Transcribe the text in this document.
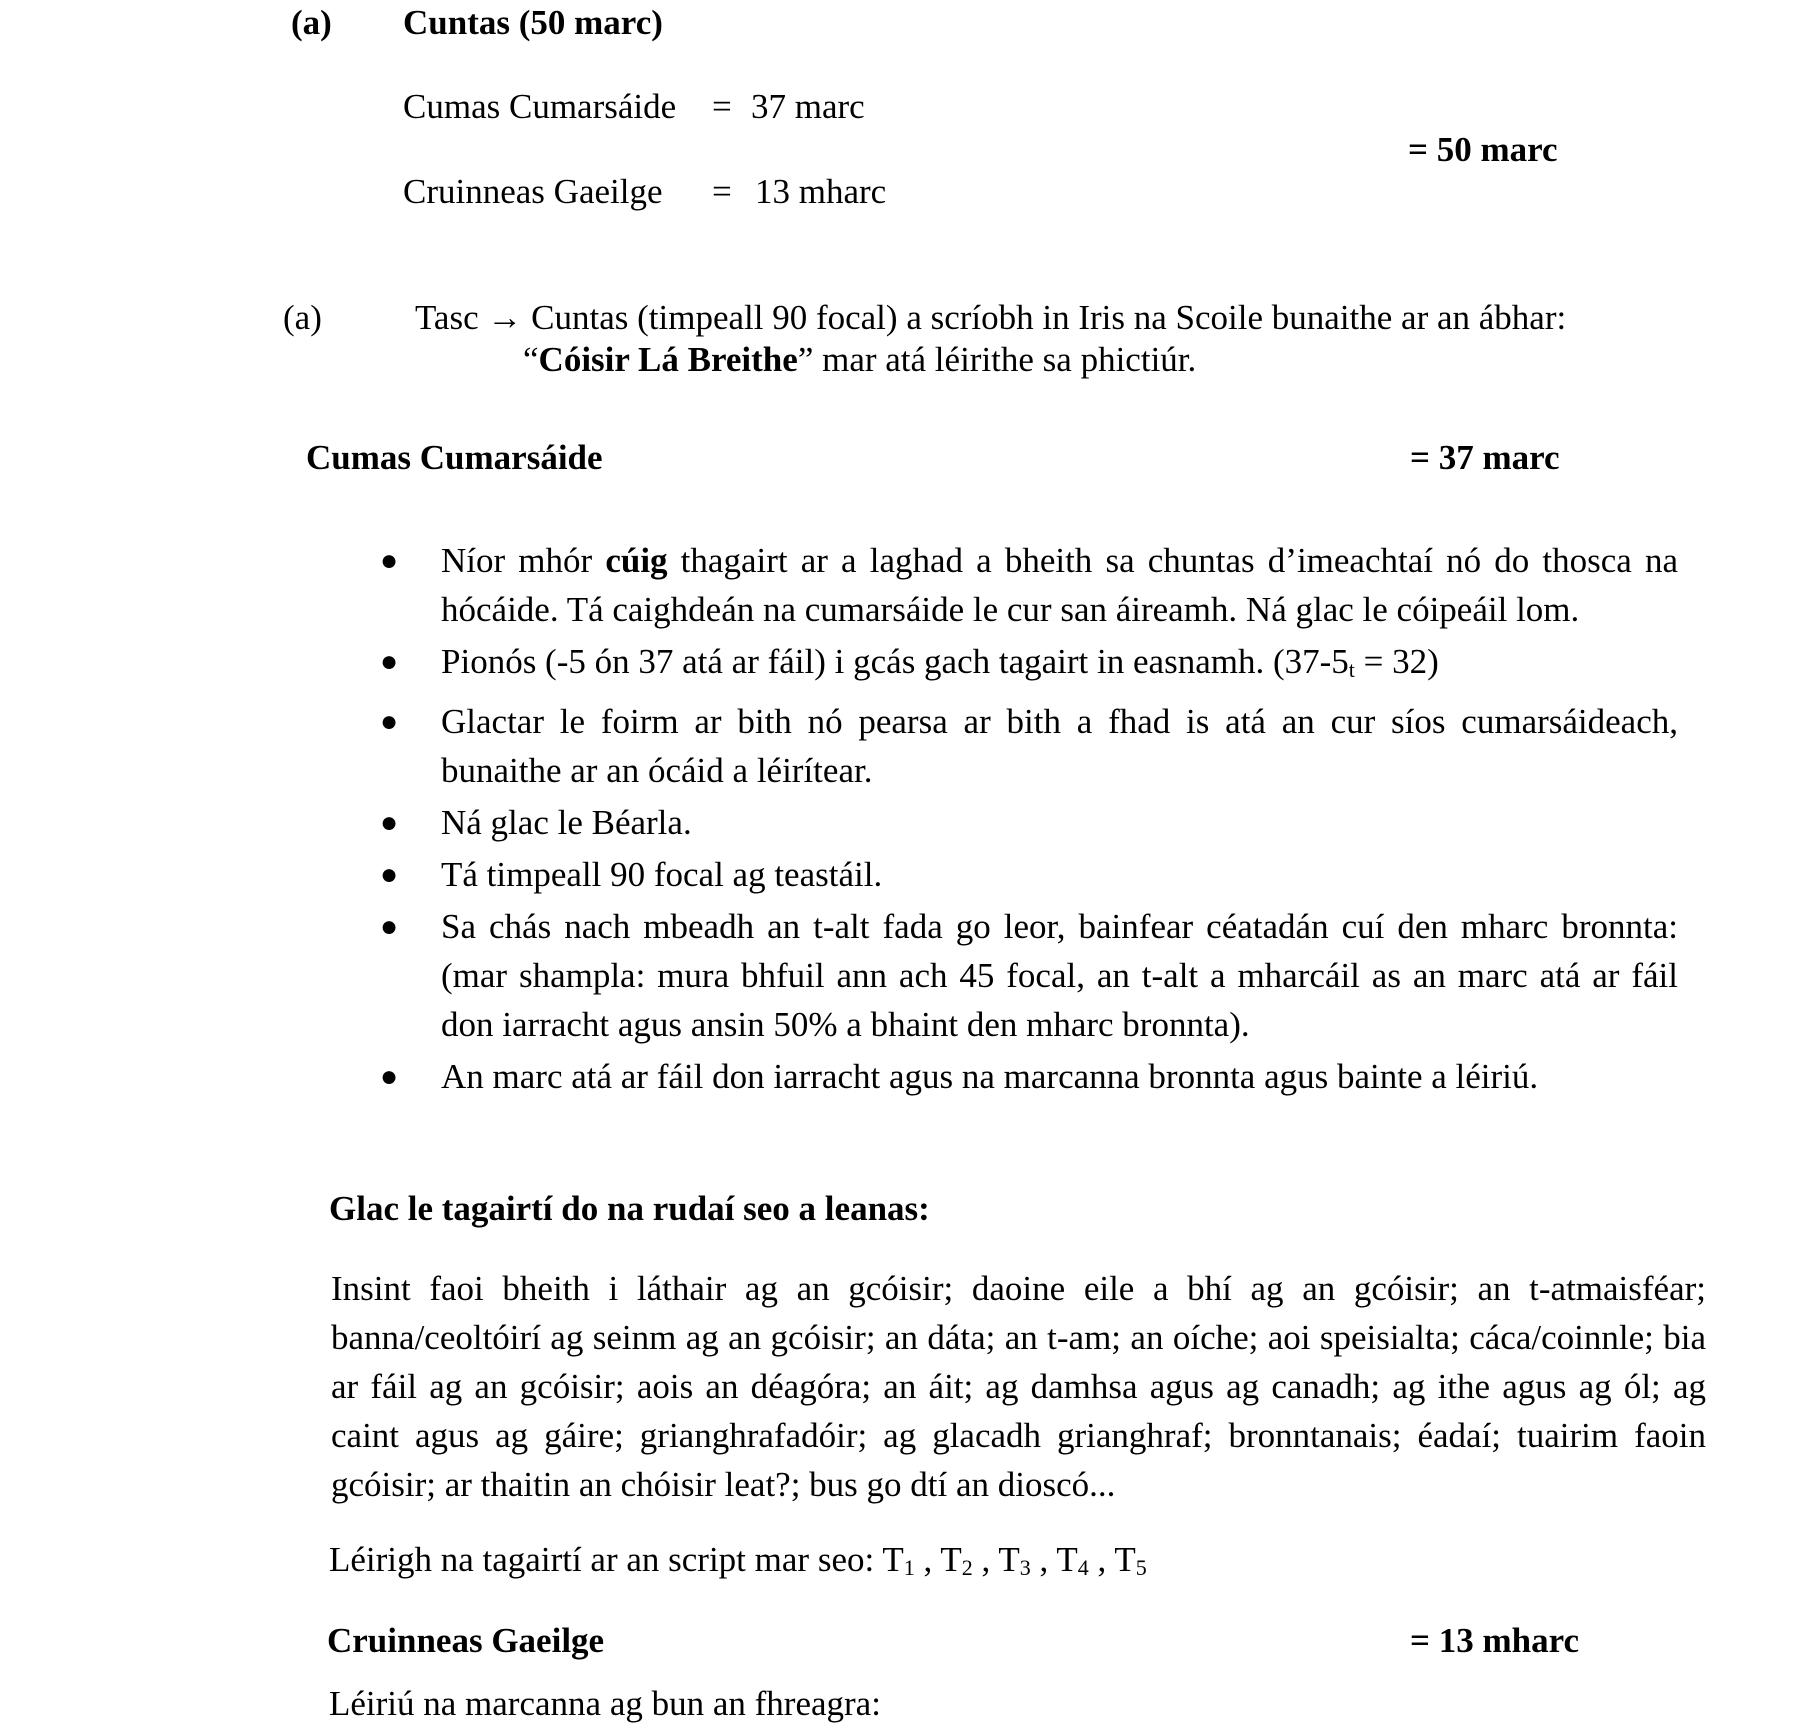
(a) Cuntas (50 marc)
Cumas Cumarsáide = 37 marc
Cruinneas Gaeilge = 13 mharc
= 50 marc
(a)	Tasc → Cuntas (timpeall 90 focal) a scríobh in Iris na Scoile bunaithe ar an ábhar:
“Cóisir Lá Breithe” mar atá léirithe sa phictiúr.
Cumas Cumarsáide	= 37 marc
● Níor mhór cúig thagairt ar a laghad a bheith sa chuntas d’imeachtaí nó do thosca na hócáide. Tá caighdeán na cumarsáide le cur san áireamh. Ná glac le cóipeáil lom.
● Pionós (-5 ón 37 atá ar fáil) i gcás gach tagairt in easnamh. $(37-5_t = 32)$
● Glactar le foirm ar bith nó pearsa ar bith a fhad is atá an cur síos cumarsáideach, bunaithe ar an ócáid a léirítear.
● Ná glac le Béarla.
● Tá timpeall 90 focal ag teastáil.
● Sa chás nach mbeadh an t-alt fada go leor, bainfear céatadán cuí den mharc bronnta: (mar shampla: mura bhfuil ann ach 45 focal, an t-alt a mharcáil as an marc atá ar fáil don iarracht agus ansin 50% a bhaint den mharc bronnta).
● An marc atá ar fáil don iarracht agus na marcanna bronnta agus bainte a léiriú.
Glac le tagairtí do na rudaí seo a leanas:
Insint faoi bheith i láthair ag an gcóisir; daoine eile a bhí ag an gcóisir; an t-atmaisféar; banna/ceoltóirí ag seinm ag an gcóisir; an dáta; an t-am; an oíche; aoi speisialta; cáca/coinnle; bia ar fáil ag an gcóisir; aois an déagóra; an áit; ag damhsa agus ag canadh; ag ithe agus ag ól; ag caint agus ag gáire; grianghrafadóir; ag glacadh grianghraf; bronntanais; éadaí; tuairim faoin gcóisir; ar thaitin an chóisir leat?; bus go dtí an dioscó...
Léirigh na tagairtí ar an script mar seo: $T_1$ , $T_2$ , $T_3$ , $T_4$ , $T_5$
Cruinneas Gaeilge	= 13 mharc
Léiriú na marcanna ag bun an fhreagra:
